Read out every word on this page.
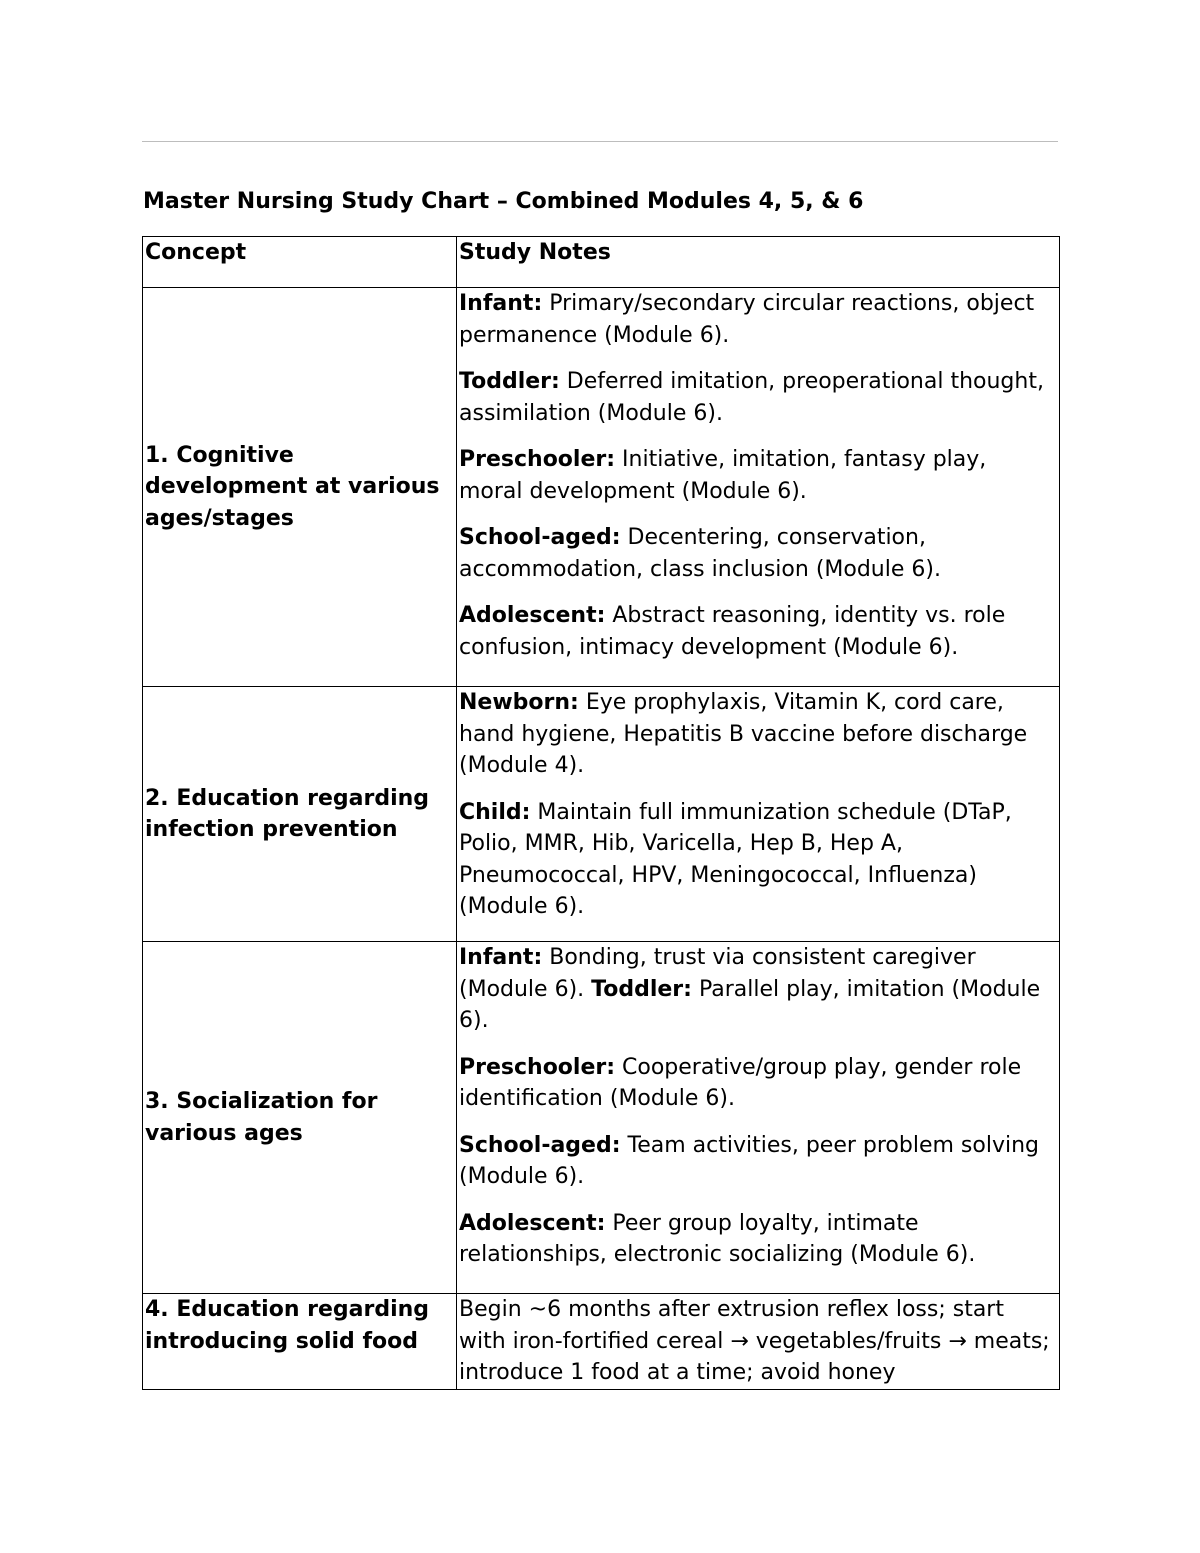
Master Nursing Study Chart – Combined Modules 4, 5, & 6
Concept	Study Notes
1. Cognitive development at various ages/stages	Infant: Primary/secondary circular reactions, object permanence (Module 6).

Toddler: Deferred imitation, preoperational thought, assimilation (Module 6).

Preschooler: Initiative, imitation, fantasy play, moral development (Module 6).

School-aged: Decentering, conservation, accommodation, class inclusion (Module 6).

Adolescent: Abstract reasoning, identity vs. role confusion, intimacy development (Module 6).

2. Education regarding infection prevention	Newborn: Eye prophylaxis, Vitamin K, cord care, hand hygiene, Hepatitis B vaccine before discharge (Module 4).

Child: Maintain full immunization schedule (DTaP, Polio, MMR, Hib, Varicella, Hep B, Hep A, Pneumococcal, HPV, Meningococcal, Influenza) (Module 6).

3. Socialization for various ages	Infant: Bonding, trust via consistent caregiver (Module 6). Toddler: Parallel play, imitation (Module 6).

Preschooler: Cooperative/group play, gender role identification (Module 6).

School-aged: Team activities, peer problem solving (Module 6).

Adolescent: Peer group loyalty, intimate relationships, electronic socializing (Module 6).

4. Education regarding introducing solid food	Begin ~6 months after extrusion reflex loss; start with iron-fortified cereal → vegetables/fruits → meats; introduce 1 food at a time; avoid honey
